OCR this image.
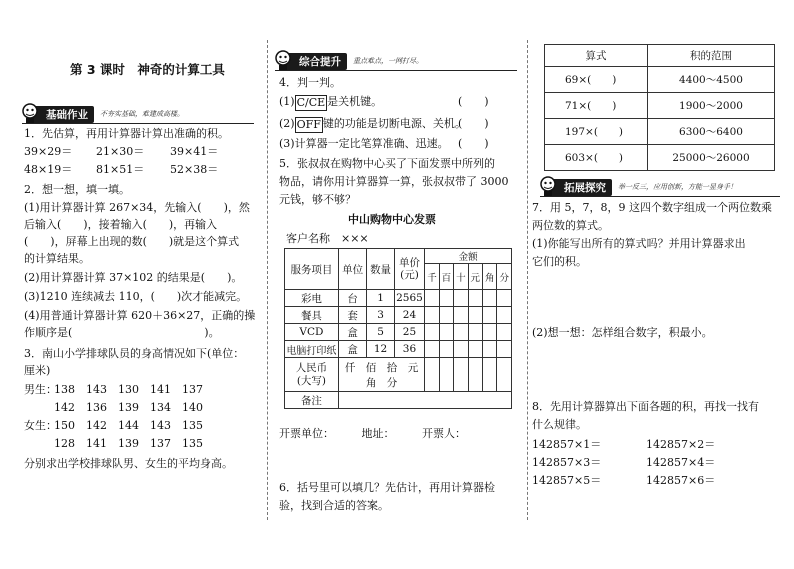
第 3 课时　神奇的计算工具
基础作业	不夯实基础，难建成高楼。
1．先估算，再用计算器计算出准确的积。
39×29＝ 21×30＝ 39×41＝
48×19＝ 81×51＝ 52×38＝
2．想一想，填一填。
(1)用计算器计算 267×34，先输入(　　)，然
后输入(　　)，接着输入(　　)，再输入
(　　)，屏幕上出现的数(　　)就是这个算式
的计算结果。
(2)用计算器计算 37×102 的结果是(　　)。
(3)1210 连续减去 110，(　　)次才能减完。
(4)用普通计算器计算 620＋36×27，正确的操
作顺序是(　　　　　　　　　　　　)。
3．南山小学排球队员的身高情况如下(单位：
厘米)
男生：
138 143 130 141 137
142 136 139 134 140
女生：
150 142 144 143 135
128 141 139 137 135
分别求出学校排球队男、女生的平均身高。
综合提升	重点难点，一网打尽。
4．判一判。
(1) C/CE 是关机键。	(　　)
(2) OFF 键的功能是切断电源、关机。
(　　)
(3) 计算器一定比笔算准确、迅速。 (　　)
5．张叔叔在购物中心买了下面发票中所列的
物品，请你用计算器算一算，张叔叔带了 3000
元钱，够不够？
中山购物中心发票
客户名称　×××
服务项目	单位	数量	单价(元)	金额					
				千	百	十	元	角	分
彩电	台	1	2565						
餐具	套	3	24						
VCD	盒	5	25						
电脑打印纸	盒	12	36						
人民币(大写)	仟　佰　拾　元　角　分								
备注									
开票单位：　　　地址：　　　开票人：
6．括号里可以填几？先估计，再用计算器检
验，找到合适的答案。
算式	积的范围
69×(　　)	4400～4500
71×(　　)	1900～2000
197×(　　)	6300～6400
603×(　　)	25000～26000
拓展探究	举一反三，应用创新，方能一显身手！
7．用 5，7，8，9 这四个数字组成一个两位数乘
两位数的算式。
(1)你能写出所有的算式吗？并用计算器求出
它们的积。
(2)想一想：怎样组合数字，积最小。
8．先用计算器算出下面各题的积，再找一找有
什么规律。
142857×1＝	142857×2＝
142857×3＝	142857×4＝
142857×5＝	142857×6＝
